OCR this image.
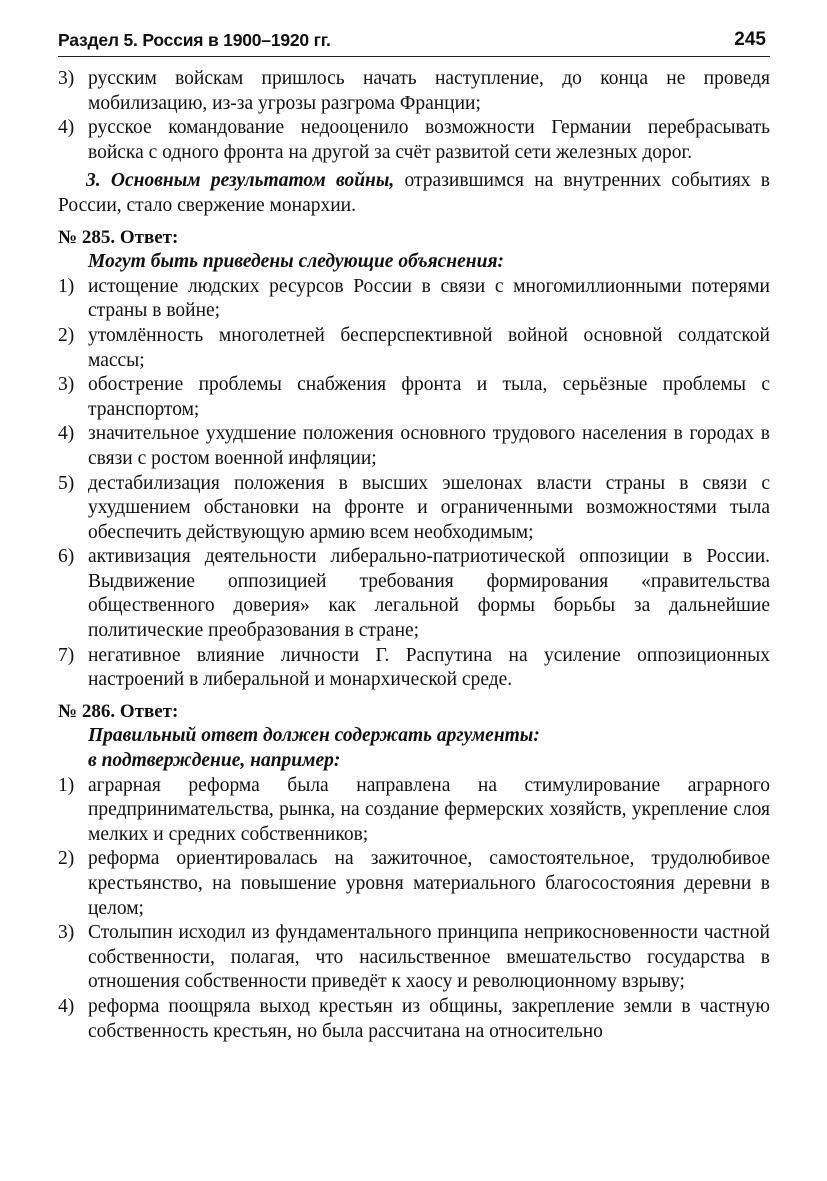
Раздел 5. Россия в 1900–1920 гг.	245
3) русским войскам пришлось начать наступление, до конца не проведя мобилизацию, из-за угрозы разгрома Франции;
4) русское командование недооценило возможности Германии перебрасывать войска с одного фронта на другой за счёт развитой сети железных дорог.

3. Основным результатом войны, отразившимся на внутренних событиях в России, стало свержение монархии.

№ 285. Ответ:
Могут быть приведены следующие объяснения:
1) истощение людских ресурсов России в связи с многомиллионными потерями страны в войне;
2) утомлённость многолетней бесперспективной войной основной солдатской массы;
3) обострение проблемы снабжения фронта и тыла, серьёзные проблемы с транспортом;
4) значительное ухудшение положения основного трудового населения в городах в связи с ростом военной инфляции;
5) дестабилизация положения в высших эшелонах власти страны в связи с ухудшением обстановки на фронте и ограниченными возможностями тыла обеспечить действующую армию всем необходимым;
6) активизация деятельности либерально-патриотической оппозиции в России. Выдвижение оппозицией требования формирования «правительства общественного доверия» как легальной формы борьбы за дальнейшие политические преобразования в стране;
7) негативное влияние личности Г. Распутина на усиление оппозиционных настроений в либеральной и монархической среде.
№ 286. Ответ:
Правильный ответ должен содержать аргументы:
в подтверждение, например:
1) аграрная реформа была направлена на стимулирование аграрного предпринимательства, рынка, на создание фермерских хозяйств, укрепление слоя мелких и средних собственников;
2) реформа ориентировалась на зажиточное, самостоятельное, трудолюбивое крестьянство, на повышение уровня материального благосостояния деревни в целом;
3) Столыпин исходил из фундаментального принципа неприкосновенности частной собственности, полагая, что насильственное вмешательство государства в отношения собственности приведёт к хаосу и революционному взрыву;
4) реформа поощряла выход крестьян из общины, закрепление земли в частную собственность крестьян, но была рассчитана на относительно
